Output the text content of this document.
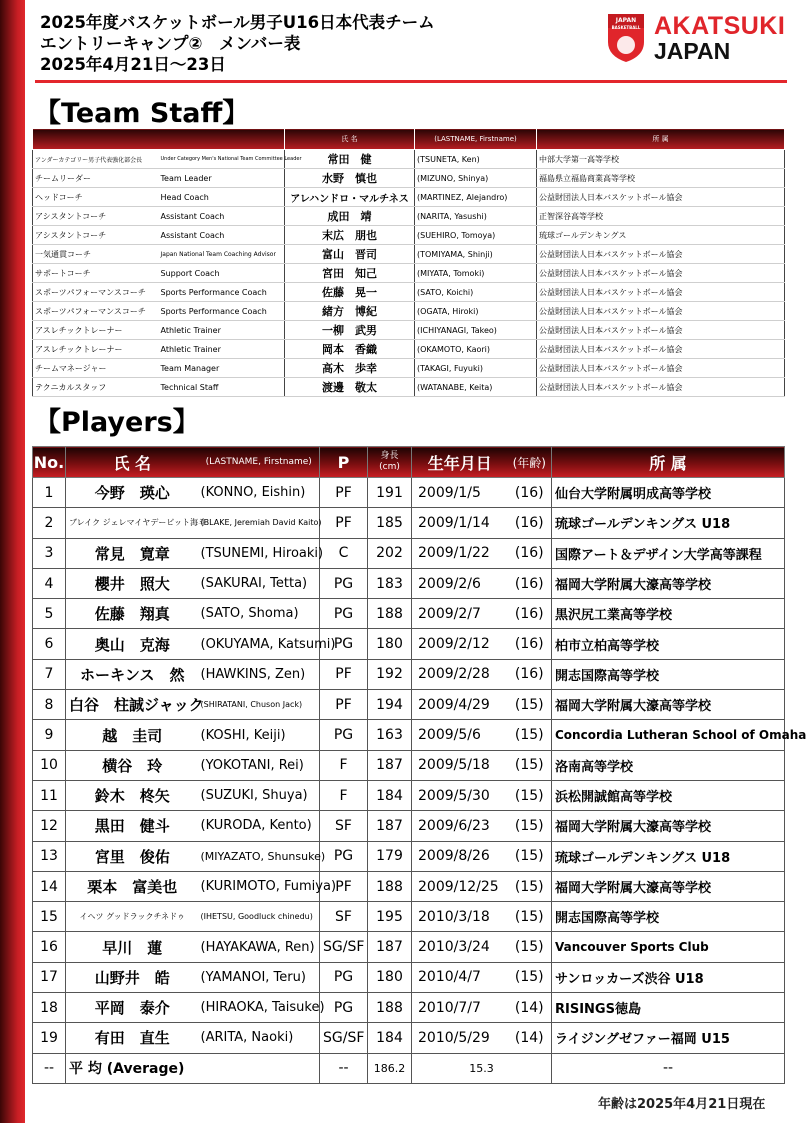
2025年度バスケットボール男子U16日本代表チーム
エントリーキャンプ②　メンバー表
2025年4月21日～23日
JAPAN
BASKETBALL AKATSUKI
JAPAN
【Team Staff】
		氏 名	(LASTNAME, Firstname)	所 属
アンダーカテゴリー男子代表強化部会長	Under Category Men's National Team Committee Leader	常田　健	(TSUNETA, Ken)	中部大学第一高等学校
チームリーダー	Team Leader	水野　慎也	(MIZUNO, Shinya)	福島県立福島商業高等学校
ヘッドコーチ	Head Coach	アレハンドロ・マルチネス	(MARTINEZ, Alejandro)	公益財団法人日本バスケットボール協会
アシスタントコーチ	Assistant Coach	成田　靖	(NARITA, Yasushi)	正智深谷高等学校
アシスタントコーチ	Assistant Coach	末広　朋也	(SUEHIRO, Tomoya)	琉球ゴールデンキングス
一気通貫コーチ	Japan National Team Coaching Advisor	富山　晋司	(TOMIYAMA, Shinji)	公益財団法人日本バスケットボール協会
サポートコーチ	Support Coach	宮田　知己	(MIYATA, Tomoki)	公益財団法人日本バスケットボール協会
スポーツパフォーマンスコーチ	Sports Performance Coach	佐藤　晃一	(SATO, Koichi)	公益財団法人日本バスケットボール協会
スポーツパフォーマンスコーチ	Sports Performance Coach	緒方　博紀	(OGATA, Hiroki)	公益財団法人日本バスケットボール協会
アスレチックトレーナー	Athletic Trainer	一柳　武男	(ICHIYANAGI, Takeo)	公益財団法人日本バスケットボール協会
アスレチックトレーナー	Athletic Trainer	岡本　香織	(OKAMOTO, Kaori)	公益財団法人日本バスケットボール協会
チームマネージャー	Team Manager	高木　歩幸	(TAKAGI, Fuyuki)	公益財団法人日本バスケットボール協会
テクニカルスタッフ	Technical Staff	渡邊　敬太	(WATANABE, Keita)	公益財団法人日本バスケットボール協会
【Players】
No.	氏 名	(LASTNAME, Firstname)	P	身長
(cm)	生年月日	(年齢)	所 属
1	今野　瑛心	(KONNO, Eishin)	PF	191	2009/1/5	(16)	仙台大学附属明成高等学校
2	ブレイク ジェレマイヤデービット海斗	(BLAKE, Jeremiah David Kaito)	PF	185	2009/1/14	(16)	琉球ゴールデンキングス U18
3	常見　寛章	(TSUNEMI, Hiroaki)	C	202	2009/1/22	(16)	国際アート＆デザイン大学高等課程
4	櫻井　照大	(SAKURAI, Tetta)	PG	183	2009/2/6	(16)	福岡大学附属大濠高等学校
5	佐藤　翔真	(SATO, Shoma)	PG	188	2009/2/7	(16)	黒沢尻工業高等学校
6	奥山　克海	(OKUYAMA, Katsumi)	PG	180	2009/2/12	(16)	柏市立柏高等学校
7	ホーキンス　然	(HAWKINS, Zen)	PF	192	2009/2/28	(16)	開志国際高等学校
8	白谷　柱誠ジャック	(SHIRATANI, Chuson Jack)	PF	194	2009/4/29	(15)	福岡大学附属大濠高等学校
9	越　圭司	(KOSHI, Keiji)	PG	163	2009/5/6	(15)	Concordia Lutheran School of Omaha
10	横谷　玲	(YOKOTANI, Rei)	F	187	2009/5/18	(15)	洛南高等学校
11	鈴木　柊矢	(SUZUKI, Shuya)	F	184	2009/5/30	(15)	浜松開誠館高等学校
12	黒田　健斗	(KURODA, Kento)	SF	187	2009/6/23	(15)	福岡大学附属大濠高等学校
13	宮里　俊佑	(MIYAZATO, Shunsuke)	PG	179	2009/8/26	(15)	琉球ゴールデンキングス U18
14	栗本　富美也	(KURIMOTO, Fumiya)	PF	188	2009/12/25	(15)	福岡大学附属大濠高等学校
15	イヘツ グッドラックチネドゥ	(IHETSU, Goodluck chinedu)	SF	195	2010/3/18	(15)	開志国際高等学校
16	早川　蓮	(HAYAKAWA, Ren)	SG/SF	187	2010/3/24	(15)	Vancouver Sports Club
17	山野井　皓	(YAMANOI, Teru)	PG	180	2010/4/7	(15)	サンロッカーズ渋谷 U18
18	平岡　泰介	(HIRAOKA, Taisuke)	PG	188	2010/7/7	(14)	RISINGS徳島
19	有田　直生	(ARITA, Naoki)	SG/SF	184	2010/5/29	(14)	ライジングゼファー福岡 U15
--	平 均 (Average)		--	186.2	15.3		--
年齢は2025年4月21日現在
